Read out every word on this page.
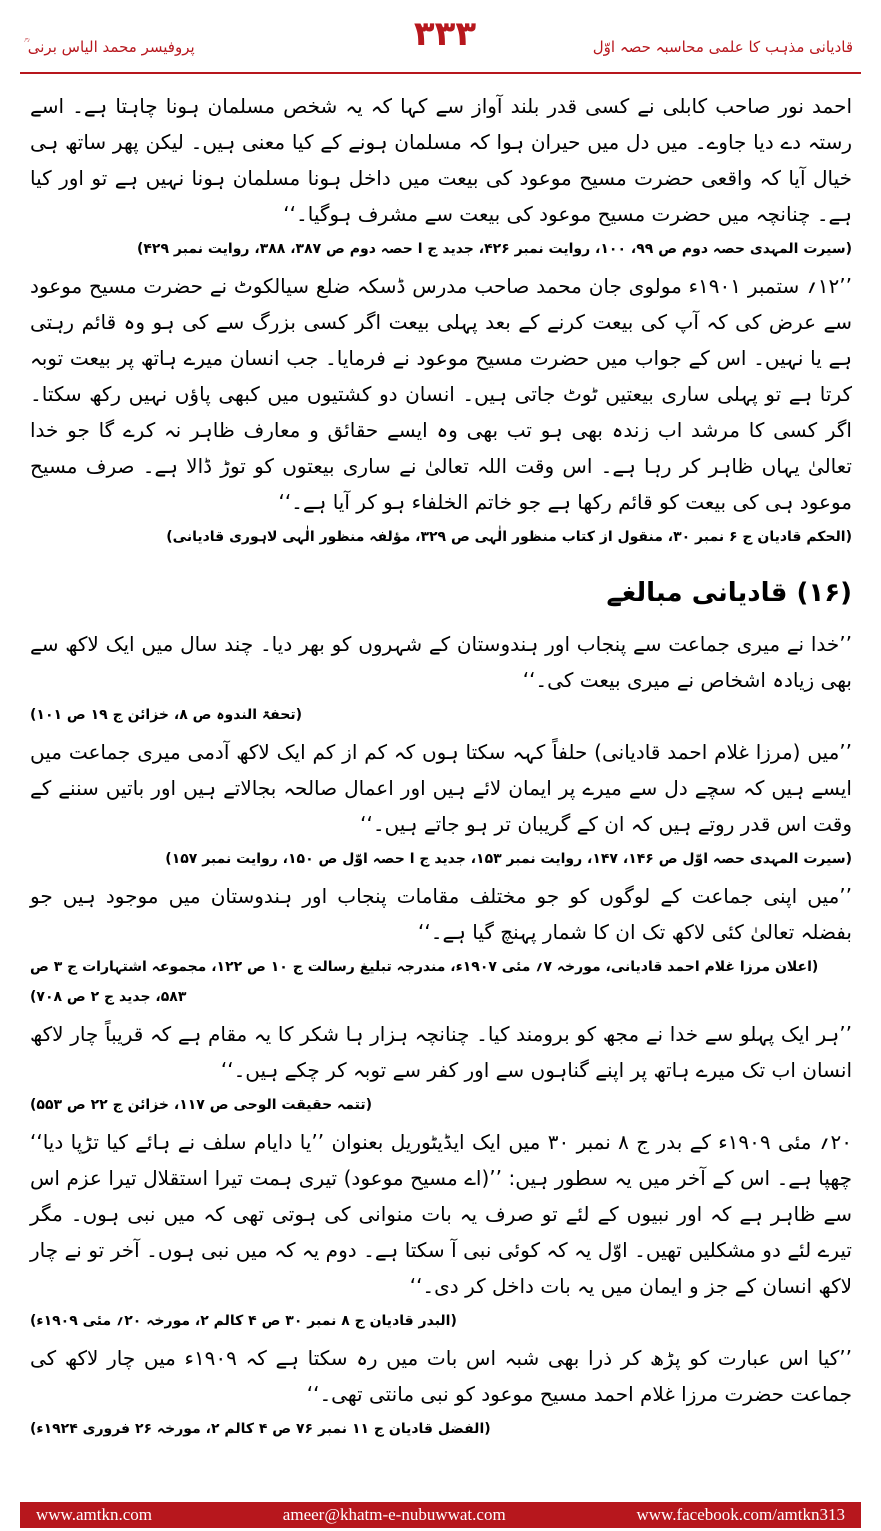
قادیانی مذہب کا علمی محاسبہ حصہ اوّل
۳۳۳
پروفیسر محمد الیاس برنی ؒ

احمد نور صاحب کابلی نے کسی قدر بلند آواز سے کہا کہ یہ شخص مسلمان ہونا چاہتا ہے۔ اسے رستہ دے دیا جاوے۔ میں دل میں حیران ہوا کہ مسلمان ہونے کے کیا معنی ہیں۔ لیکن پھر ساتھ ہی خیال آیا کہ واقعی حضرت مسیح موعود کی بیعت میں داخل ہونا مسلمان ہونا نہیں ہے تو اور کیا ہے۔ چنانچہ میں حضرت مسیح موعود کی بیعت سے مشرف ہوگیا۔‘‘

(سیرت المہدی حصہ دوم ص ۹۹، ۱۰۰، روایت نمبر ۴۲۶، جدید ج ا حصہ دوم ص ۳۸۷، ۳۸۸، روایت نمبر ۴۲۹)

’’۱۲؍ ستمبر ۱۹۰۱ء مولوی جان محمد صاحب مدرس ڈسکہ ضلع سیالکوٹ نے حضرت مسیح موعود سے عرض کی کہ آپ کی بیعت کرنے کے بعد پہلی بیعت اگر کسی بزرگ سے کی ہو وہ قائم رہتی ہے یا نہیں۔ اس کے جواب میں حضرت مسیح موعود نے فرمایا۔ جب انسان میرے ہاتھ پر بیعت توبہ کرتا ہے تو پہلی ساری بیعتیں ٹوٹ جاتی ہیں۔ انسان دو کشتیوں میں کبھی پاؤں نہیں رکھ سکتا۔ اگر کسی کا مرشد اب زندہ بھی ہو تب بھی وہ ایسے حقائق و معارف ظاہر نہ کرے گا جو خدا تعالیٰ یہاں ظاہر کر رہا ہے۔ اس وقت اللہ تعالیٰ نے ساری بیعتوں کو توڑ ڈالا ہے۔ صرف مسیح موعود ہی کی بیعت کو قائم رکھا ہے جو خاتم الخلفاء ہو کر آیا ہے۔‘‘

(الحکم قادیان ج ۶ نمبر ۳۰، منقول از کتاب منظور الٰہی ص ۳۲۹، مؤلفہ منظور الٰہی لاہوری قادیانی)

(۱۶) قادیانی مبالغے

’’خدا نے میری جماعت سے پنجاب اور ہندوستان کے شہروں کو بھر دیا۔ چند سال میں ایک لاکھ سے بھی زیادہ اشخاص نے میری بیعت کی۔‘‘

(تحفۃ الندوہ ص ۸، خزائن ج ۱۹ ص ۱۰۱)

’’میں (مرزا غلام احمد قادیانی) حلفاً کہہ سکتا ہوں کہ کم از کم ایک لاکھ آدمی میری جماعت میں ایسے ہیں کہ سچے دل سے میرے پر ایمان لائے ہیں اور اعمال صالحہ بجالاتے ہیں اور باتیں سننے کے وقت اس قدر روتے ہیں کہ ان کے گریبان تر ہو جاتے ہیں۔‘‘

(سیرت المہدی حصہ اوّل ص ۱۴۶، ۱۴۷، روایت نمبر ۱۵۳، جدید ج ا حصہ اوّل ص ۱۵۰، روایت نمبر ۱۵۷)

’’میں اپنی جماعت کے لوگوں کو جو مختلف مقامات پنجاب اور ہندوستان میں موجود ہیں جو بفضلہ تعالیٰ کئی لاکھ تک ان کا شمار پہنچ گیا ہے۔‘‘

(اعلان مرزا غلام احمد قادیانی، مورخہ ۷؍ مئی ۱۹۰۷ء، مندرجہ تبلیغ رسالت ج ۱۰ ص ۱۲۲، مجموعہ اشتہارات ج ۳ ص ۵۸۳، جدید ج ۲ ص ۷۰۸)

’’ہر ایک پہلو سے خدا نے مجھ کو برومند کیا۔ چنانچہ ہزار ہا شکر کا یہ مقام ہے کہ قریباً چار لاکھ انسان اب تک میرے ہاتھ پر اپنے گناہوں سے اور کفر سے توبہ کر چکے ہیں۔‘‘

(تتمہ حقیقت الوحی ص ۱۱۷، خزائن ج ۲۲ ص ۵۵۳)

۲۰؍ مئی ۱۹۰۹ء کے بدر ج ۸ نمبر ۳۰ میں ایک ایڈیٹوریل بعنوان ’’یا دایام سلف نے ہائے کیا تڑپا دیا‘‘ چھپا ہے۔ اس کے آخر میں یہ سطور ہیں: ’’(اے مسیح موعود) تیری ہمت تیرا استقلال تیرا عزم اس سے ظاہر ہے کہ اور نبیوں کے لئے تو صرف یہ بات منوانی کی ہوتی تھی کہ میں نبی ہوں۔ مگر تیرے لئے دو مشکلیں تھیں۔ اوّل یہ کہ کوئی نبی آ سکتا ہے۔ دوم یہ کہ میں نبی ہوں۔ آخر تو نے چار لاکھ انسان کے جز و ایمان میں یہ بات داخل کر دی۔‘‘

(البدر قادیان ج ۸ نمبر ۳۰ ص ۴ کالم ۲، مورخہ ۲۰؍ مئی ۱۹۰۹ء)

’’کیا اس عبارت کو پڑھ کر ذرا بھی شبہ اس بات میں رہ سکتا ہے کہ ۱۹۰۹ء میں چار لاکھ کی جماعت حضرت مرزا غلام احمد مسیح موعود کو نبی مانتی تھی۔‘‘

(الفضل قادیان ج ۱۱ نمبر ۷۶ ص ۴ کالم ۲، مورخہ ۲۶ فروری ۱۹۲۴ء)

www.amtkn.com	ameer@khatm-e-nubuwwat.com	www.facebook.com/amtkn313
